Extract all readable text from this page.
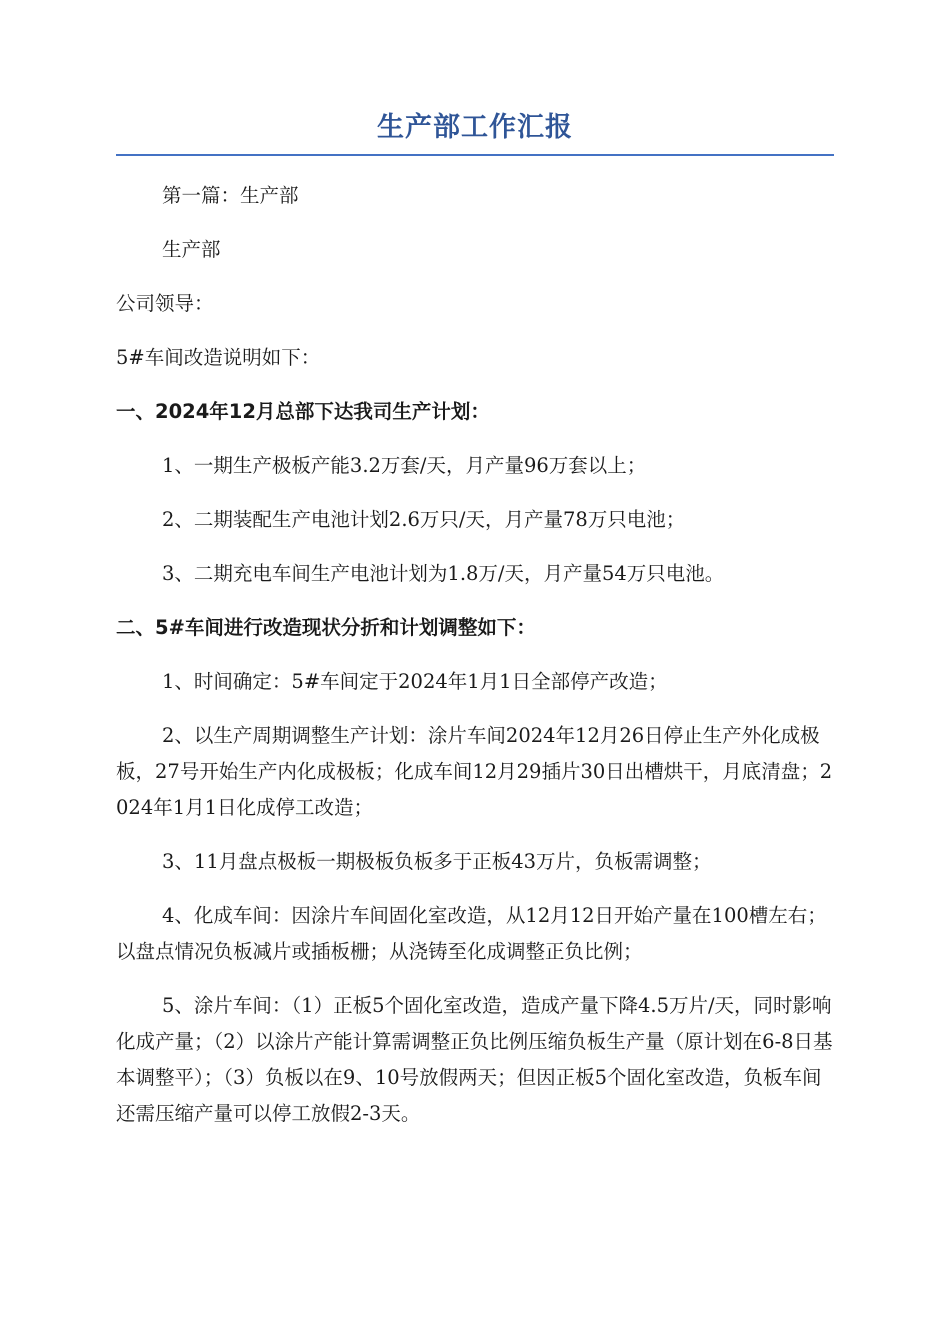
生产部工作汇报

第一篇：生产部

生产部

公司领导：

5#车间改造说明如下：

一、2024年12月总部下达我司生产计划：

1、一期生产极板产能3.2万套/天，月产量96万套以上；

2、二期装配生产电池计划2.6万只/天，月产量78万只电池；

3、二期充电车间生产电池计划为1.8万/天，月产量54万只电池。

二、5#车间进行改造现状分折和计划调整如下：

1、时间确定：5#车间定于2024年1月1日全部停产改造；

2、以生产周期调整生产计划：涂片车间2024年12月26日停止生产外化成极板，27号开始生产内化成极板；化成车间12月29插片30日出槽烘干，月底清盘；2024年1月1日化成停工改造；

3、11月盘点极板一期极板负板多于正板43万片，负板需调整；

4、化成车间：因涂片车间固化室改造，从12月12日开始产量在100槽左右；以盘点情况负板减片或插板栅；从浇铸至化成调整正负比例；

5、涂片车间：（1）正板5个固化室改造，造成产量下降4.5万片/天，同时影响化成产量；（2）以涂片产能计算需调整正负比例压缩负板生产量（原计划在6-8日基本调整平）；（3）负板以在9、10号放假两天；但因正板5个固化室改造，负板车间还需压缩产量可以停工放假2-3天。
